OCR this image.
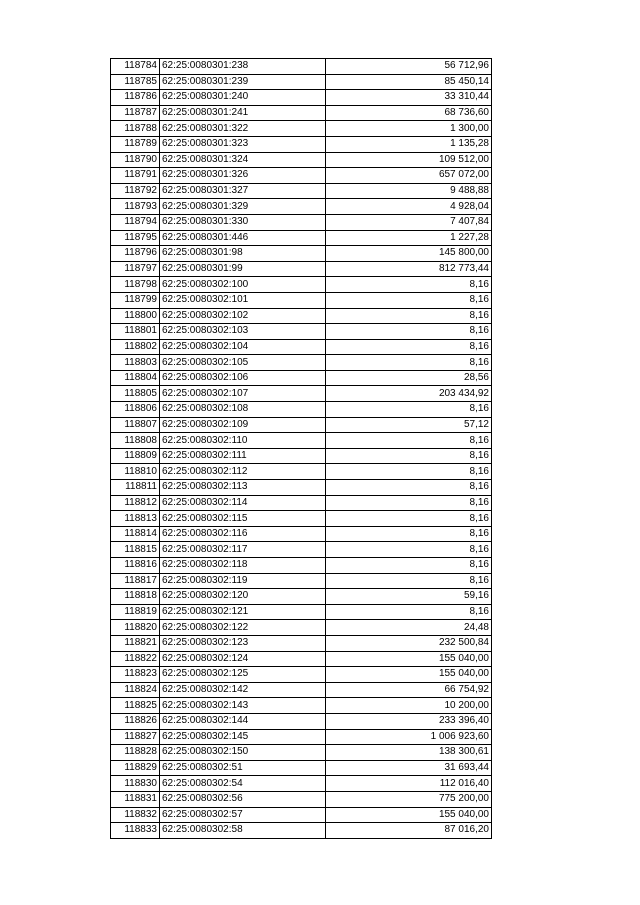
118784	62:25:0080301:238	56 712,96
118785	62:25:0080301:239	85 450,14
118786	62:25:0080301:240	33 310,44
118787	62:25:0080301:241	68 736,60
118788	62:25:0080301:322	1 300,00
118789	62:25:0080301:323	1 135,28
118790	62:25:0080301:324	109 512,00
118791	62:25:0080301:326	657 072,00
118792	62:25:0080301:327	9 488,88
118793	62:25:0080301:329	4 928,04
118794	62:25:0080301:330	7 407,84
118795	62:25:0080301:446	1 227,28
118796	62:25:0080301:98	145 800,00
118797	62:25:0080301:99	812 773,44
118798	62:25:0080302:100	8,16
118799	62:25:0080302:101	8,16
118800	62:25:0080302:102	8,16
118801	62:25:0080302:103	8,16
118802	62:25:0080302:104	8,16
118803	62:25:0080302:105	8,16
118804	62:25:0080302:106	28,56
118805	62:25:0080302:107	203 434,92
118806	62:25:0080302:108	8,16
118807	62:25:0080302:109	57,12
118808	62:25:0080302:110	8,16
118809	62:25:0080302:111	8,16
118810	62:25:0080302:112	8,16
118811	62:25:0080302:113	8,16
118812	62:25:0080302:114	8,16
118813	62:25:0080302:115	8,16
118814	62:25:0080302:116	8,16
118815	62:25:0080302:117	8,16
118816	62:25:0080302:118	8,16
118817	62:25:0080302:119	8,16
118818	62:25:0080302:120	59,16
118819	62:25:0080302:121	8,16
118820	62:25:0080302:122	24,48
118821	62:25:0080302:123	232 500,84
118822	62:25:0080302:124	155 040,00
118823	62:25:0080302:125	155 040,00
118824	62:25:0080302:142	66 754,92
118825	62:25:0080302:143	10 200,00
118826	62:25:0080302:144	233 396,40
118827	62:25:0080302:145	1 006 923,60
118828	62:25:0080302:150	138 300,61
118829	62:25:0080302:51	31 693,44
118830	62:25:0080302:54	112 016,40
118831	62:25:0080302:56	775 200,00
118832	62:25:0080302:57	155 040,00
118833	62:25:0080302:58	87 016,20
